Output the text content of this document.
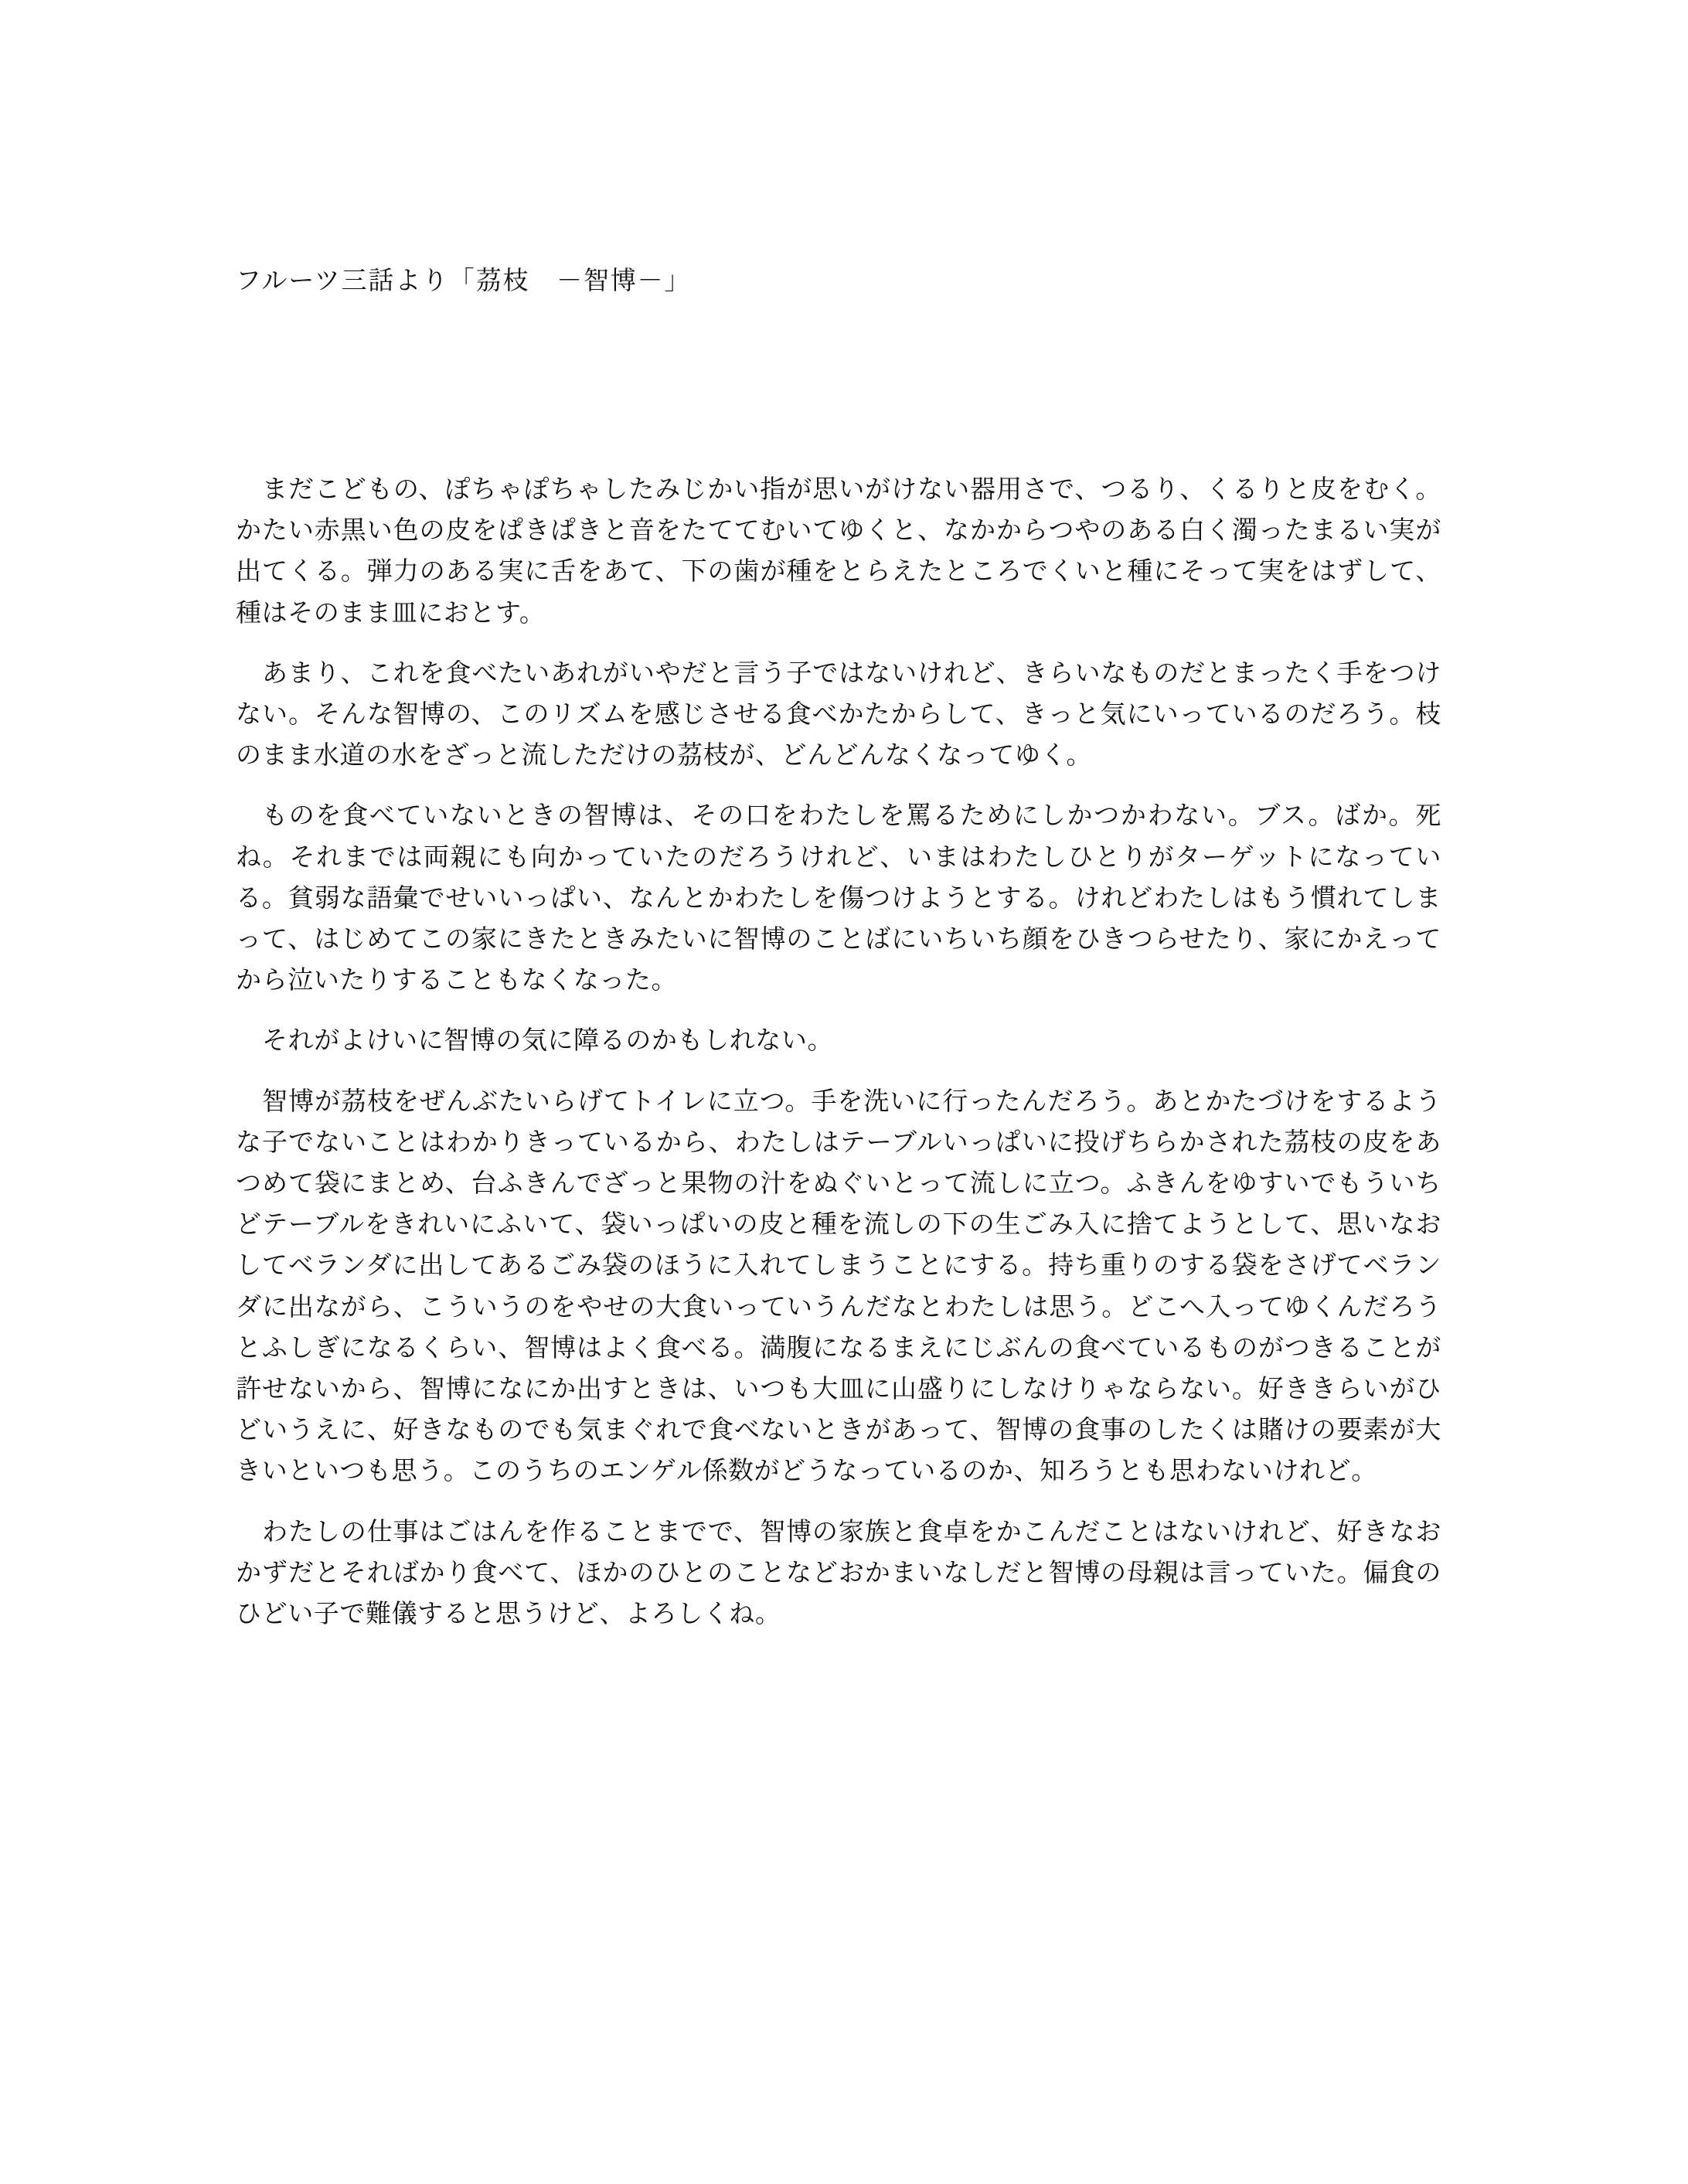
フルーツ三話より「茘枝　－智博－」

まだこどもの、ぽちゃぽちゃしたみじかい指が思いがけない器用さで、つるり、くるりと皮をむく。かたい赤黒い色の皮をぱきぱきと音をたててむいてゆくと、なかからつやのある白く濁ったまるい実が出てくる。弾力のある実に舌をあて、下の歯が種をとらえたところでくいと種にそって実をはずして、種はそのまま皿におとす。

あまり、これを食べたいあれがいやだと言う子ではないけれど、きらいなものだとまったく手をつけない。そんな智博の、このリズムを感じさせる食べかたからして、きっと気にいっているのだろう。枝のまま水道の水をざっと流しただけの茘枝が、どんどんなくなってゆく。

ものを食べていないときの智博は、その口をわたしを罵るためにしかつかわない。ブス。ばか。死ね。それまでは両親にも向かっていたのだろうけれど、いまはわたしひとりがターゲットになっている。貧弱な語彙でせいいっぱい、なんとかわたしを傷つけようとする。けれどわたしはもう慣れてしまって、はじめてこの家にきたときみたいに智博のことばにいちいち顔をひきつらせたり、家にかえってから泣いたりすることもなくなった。

それがよけいに智博の気に障るのかもしれない。

智博が茘枝をぜんぶたいらげてトイレに立つ。手を洗いに行ったんだろう。あとかたづけをするような子でないことはわかりきっているから、わたしはテーブルいっぱいに投げちらかされた茘枝の皮をあつめて袋にまとめ、台ふきんでざっと果物の汁をぬぐいとって流しに立つ。ふきんをゆすいでもういちどテーブルをきれいにふいて、袋いっぱいの皮と種を流しの下の生ごみ入に捨てようとして、思いなおしてベランダに出してあるごみ袋のほうに入れてしまうことにする。持ち重りのする袋をさげてベランダに出ながら、こういうのをやせの大食いっていうんだなとわたしは思う。どこへ入ってゆくんだろうとふしぎになるくらい、智博はよく食べる。満腹になるまえにじぶんの食べているものがつきることが許せないから、智博になにか出すときは、いつも大皿に山盛りにしなけりゃならない。好ききらいがひどいうえに、好きなものでも気まぐれで食べないときがあって、智博の食事のしたくは賭けの要素が大きいといつも思う。このうちのエンゲル係数がどうなっているのか、知ろうとも思わないけれど。

わたしの仕事はごはんを作ることまでで、智博の家族と食卓をかこんだことはないけれど、好きなおかずだとそればかり食べて、ほかのひとのことなどおかまいなしだと智博の母親は言っていた。偏食のひどい子で難儀すると思うけど、よろしくね。
